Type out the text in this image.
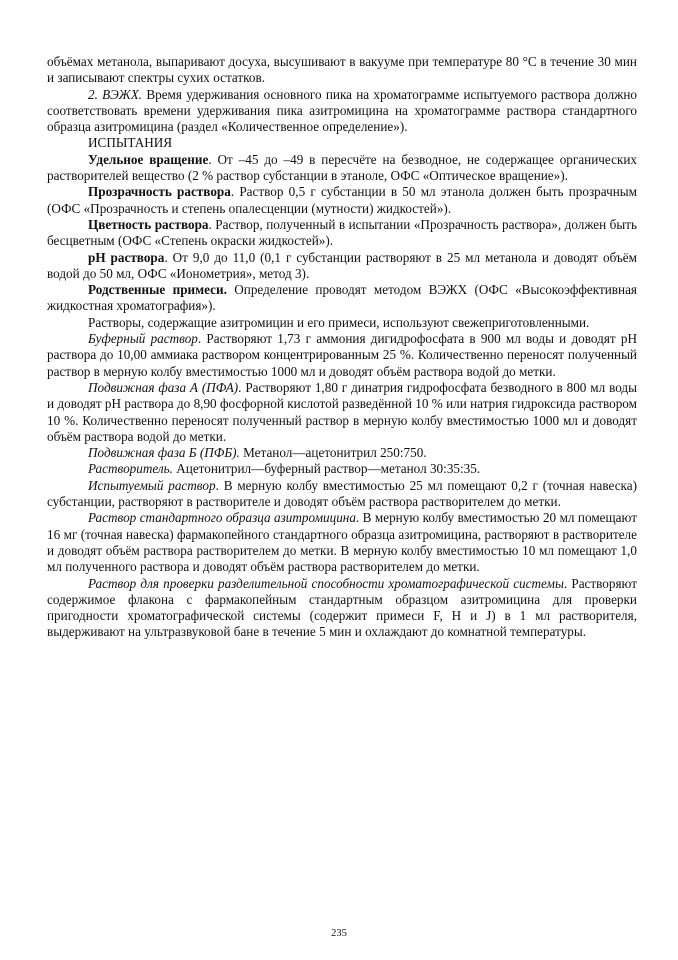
объёмах метанола, выпаривают досуха, высушивают в вакууме при температуре 80 °С в течение 30 мин и записывают спектры сухих остатков.

2. ВЭЖХ. Время удерживания основного пика на хроматограмме испытуемого раствора должно соответствовать времени удерживания пика азитромицина на хроматограмме раствора стандартного образца азитромицина (раздел «Количественное определение»).

ИСПЫТАНИЯ

Удельное вращение. От –45 до –49 в пересчёте на безводное, не содержащее органических растворителей вещество (2 % раствор субстанции в этаноле, ОФС «Оптическое вращение»).

Прозрачность раствора. Раствор 0,5 г субстанции в 50 мл этанола должен быть прозрачным (ОФС «Прозрачность и степень опалесценции (мутности) жидкостей»).

Цветность раствора. Раствор, полученный в испытании «Прозрачность раствора», должен быть бесцветным (ОФС «Степень окраски жидкостей»).

pH раствора. От 9,0 до 11,0 (0,1 г субстанции растворяют в 25 мл метанола и доводят объём водой до 50 мл, ОФС «Ионометрия», метод 3).

Родственные примеси. Определение проводят методом ВЭЖХ (ОФС «Высокоэффективная жидкостная хроматография»).

Растворы, содержащие азитромицин и его примеси, используют свежеприготовленными.

Буферный раствор. Растворяют 1,73 г аммония дигидрофосфата в 900 мл воды и доводят pH раствора до 10,00 аммиака раствором концентрированным 25 %. Количественно переносят полученный раствор в мерную колбу вместимостью 1000 мл и доводят объём раствора водой до метки.

Подвижная фаза А (ПФА). Растворяют 1,80 г динатрия гидрофосфата безводного в 800 мл воды и доводят pH раствора до 8,90 фосфорной кислотой разведённой 10 % или натрия гидроксида раствором 10 %. Количественно переносят полученный раствор в мерную колбу вместимостью 1000 мл и доводят объём раствора водой до метки.

Подвижная фаза Б (ПФБ). Метанол—ацетонитрил 250:750.

Растворитель. Ацетонитрил—буферный раствор—метанол 30:35:35.

Испытуемый раствор. В мерную колбу вместимостью 25 мл помещают 0,2 г (точная навеска) субстанции, растворяют в растворителе и доводят объём раствора растворителем до метки.

Раствор стандартного образца азитромицина. В мерную колбу вместимостью 20 мл помещают 16 мг (точная навеска) фармакопейного стандартного образца азитромицина, растворяют в растворителе и доводят объём раствора растворителем до метки. В мерную колбу вместимостью 10 мл помещают 1,0 мл полученного раствора и доводят объём раствора растворителем до метки.

Раствор для проверки разделительной способности хроматографической системы. Растворяют содержимое флакона с фармакопейным стандартным образцом азитромицина для проверки пригодности хроматографической системы (содержит примеси F, H и J) в 1 мл растворителя, выдерживают на ультразвуковой бане в течение 5 мин и охлаждают до комнатной температуры.

235
